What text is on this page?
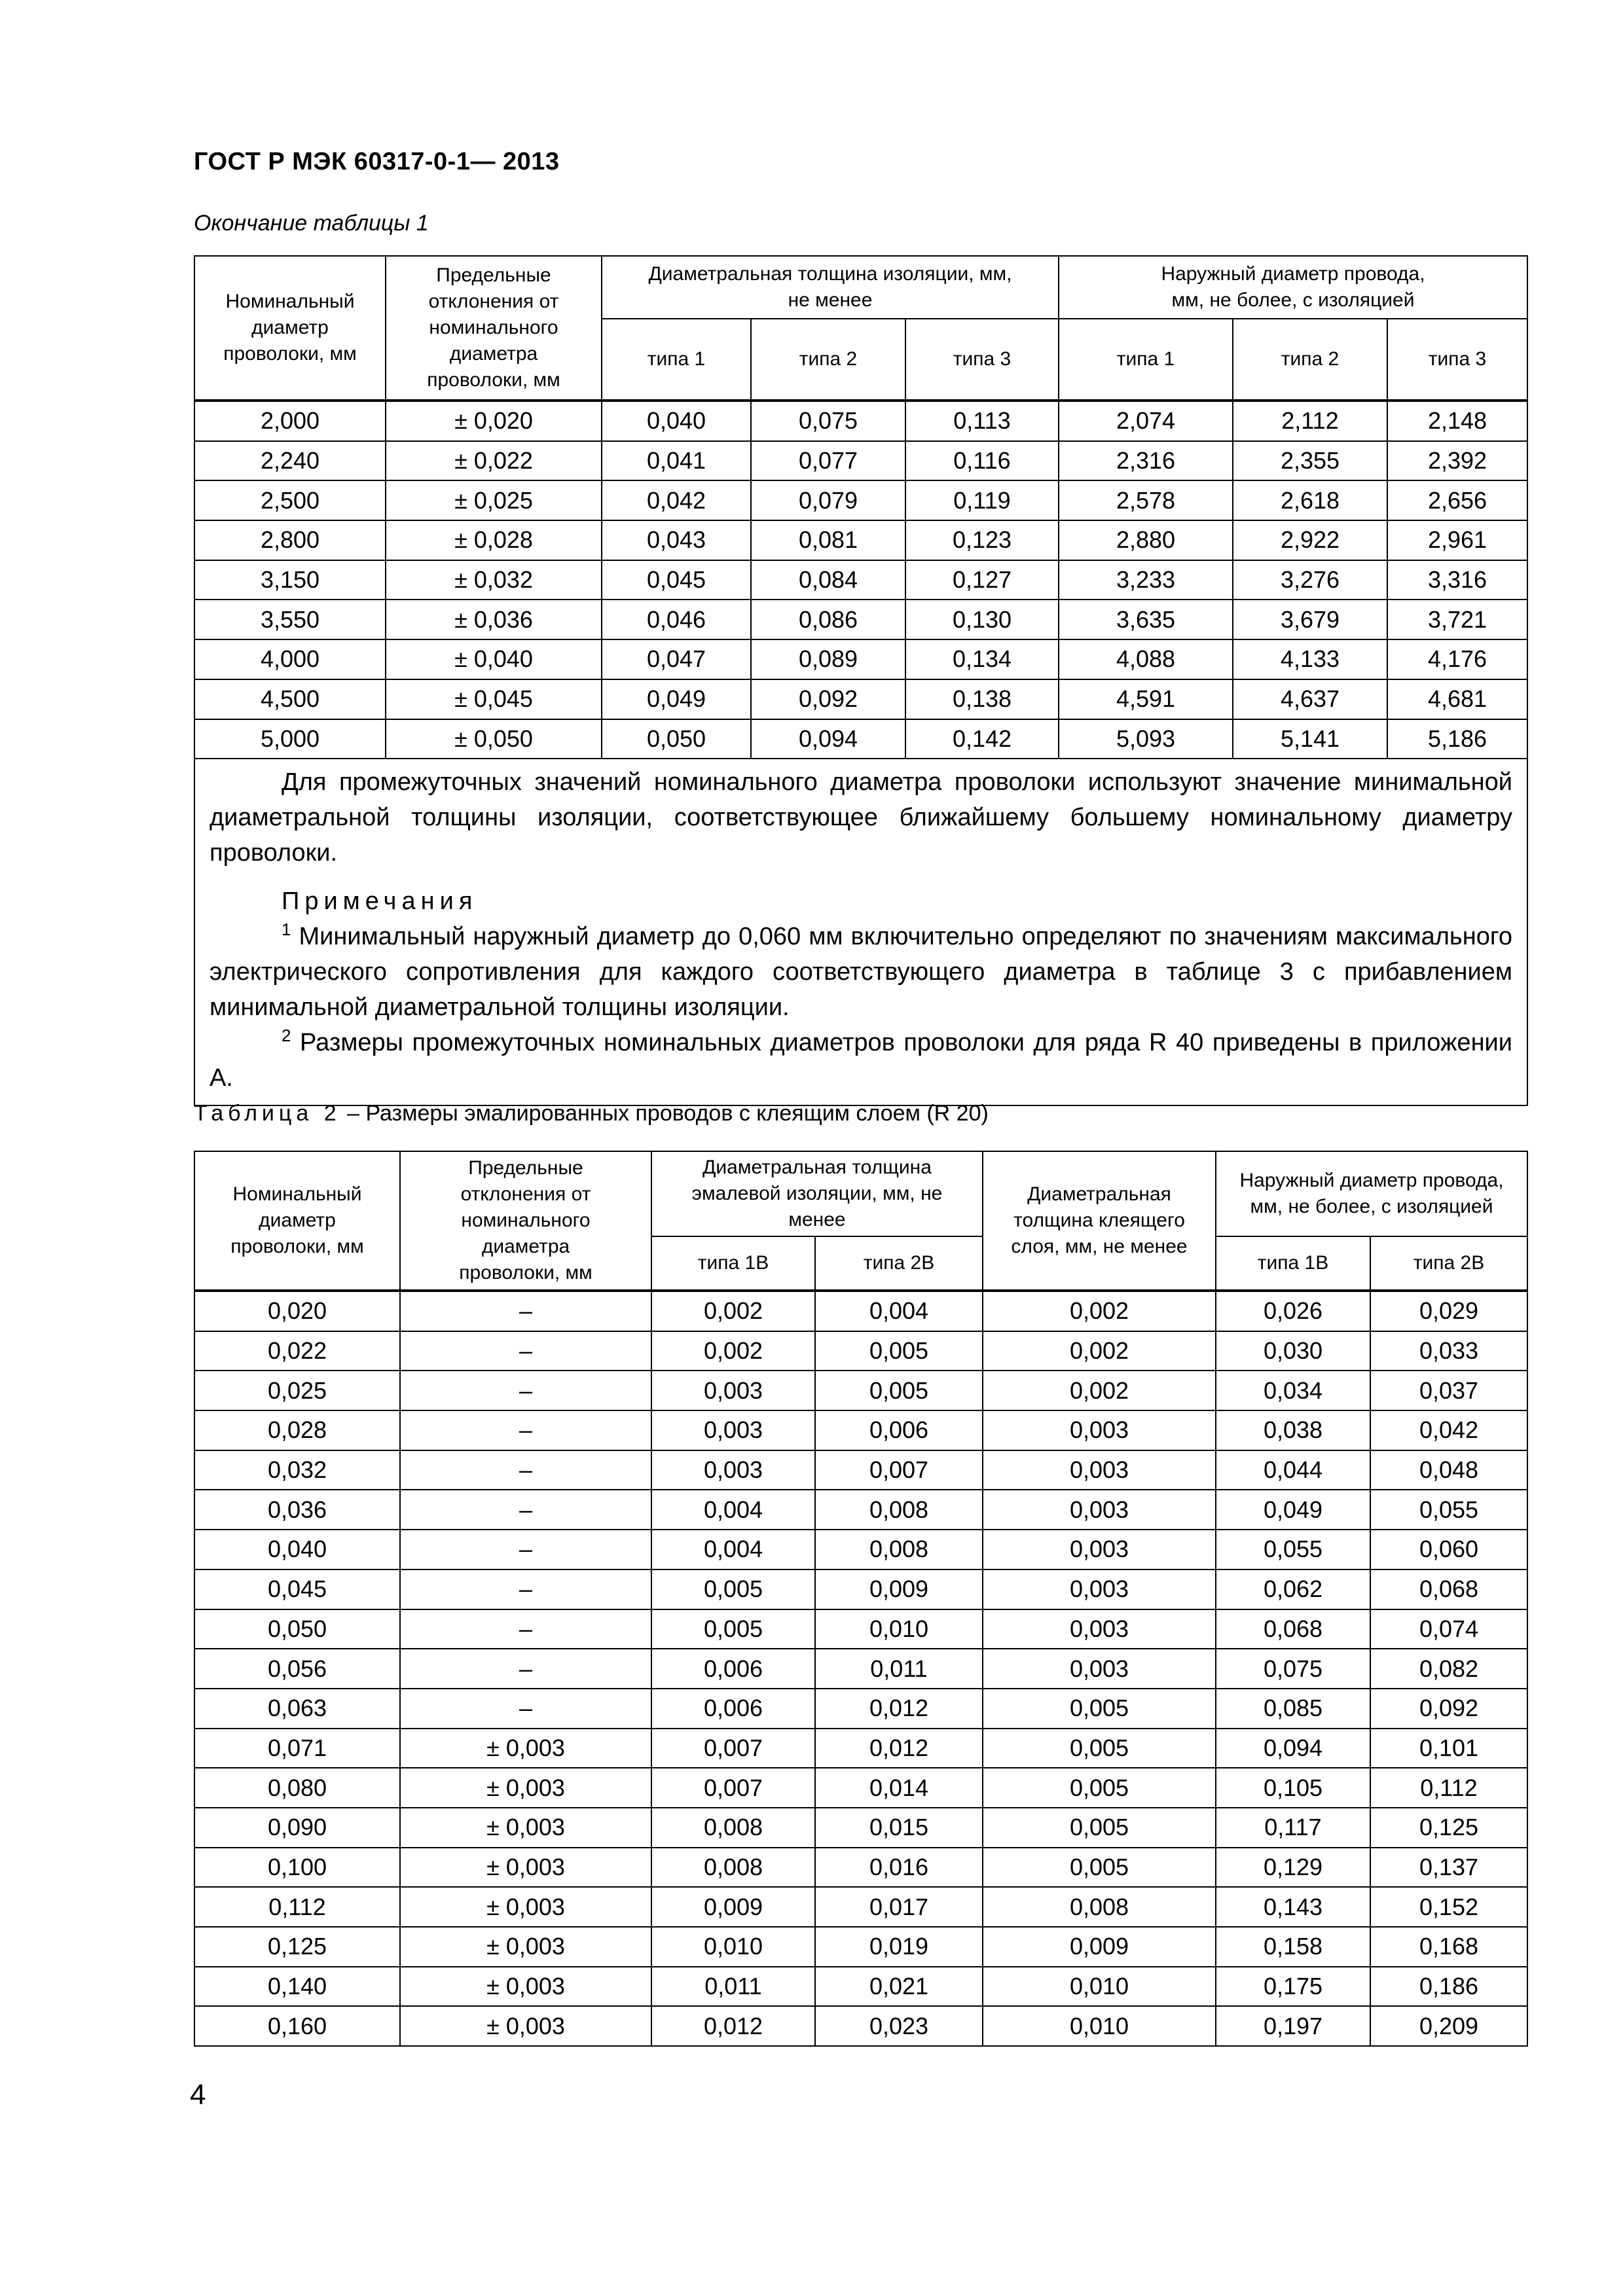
ГОСТ Р МЭК 60317-0-1— 2013
Окончание таблицы 1
Номинальный диаметр проволоки, мм	Предельные отклонения от номинального диаметра проволоки, мм	Диаметральная толщина изоляции, мм, не менее			Наружный диаметр провода, мм, не более, с изоляцией		
		типа 1	типа 2	типа 3	типа 1	типа 2	типа 3
2,000	± 0,020	0,040	0,075	0,113	2,074	2,112	2,148
2,240	± 0,022	0,041	0,077	0,116	2,316	2,355	2,392
2,500	± 0,025	0,042	0,079	0,119	2,578	2,618	2,656
2,800	± 0,028	0,043	0,081	0,123	2,880	2,922	2,961
3,150	± 0,032	0,045	0,084	0,127	3,233	3,276	3,316
3,550	± 0,036	0,046	0,086	0,130	3,635	3,679	3,721
4,000	± 0,040	0,047	0,089	0,134	4,088	4,133	4,176
4,500	± 0,045	0,049	0,092	0,138	4,591	4,637	4,681
5,000	± 0,050	0,050	0,094	0,142	5,093	5,141	5,186

Для промежуточных значений номинального диаметра проволоки используют значение минимальной диаметральной толщины изоляции, соответствующее ближайшему большему номинальному диаметру проволоки.

Примечания

$^1$ Минимальный наружный диаметр до 0,060 мм включительно определяют по значениям максимального электрического сопротивления для каждого соответствующего диаметра в таблице 3 с прибавлением минимальной диаметральной толщины изоляции.

$^2$ Размеры промежуточных номинальных диаметров проволоки для ряда R 40 приведены в приложении А.							

Таблица 2 – Размеры эмалированных проводов с клеящим слоем (R 20)
Номинальный диаметр проволоки, мм	Предельные отклонения от номинального диаметра проволоки, мм	Диаметральная толщина эмалевой изоляции, мм, не менее		Диаметральная толщина клеящего слоя, мм, не менее	Наружный диаметр провода, мм, не более, с изоляцией	
		типа 1В	типа 2В		типа 1В	типа 2В
0,020	–	0,002	0,004	0,002	0,026	0,029
0,022	–	0,002	0,005	0,002	0,030	0,033
0,025	–	0,003	0,005	0,002	0,034	0,037
0,028	–	0,003	0,006	0,003	0,038	0,042
0,032	–	0,003	0,007	0,003	0,044	0,048
0,036	–	0,004	0,008	0,003	0,049	0,055
0,040	–	0,004	0,008	0,003	0,055	0,060
0,045	–	0,005	0,009	0,003	0,062	0,068
0,050	–	0,005	0,010	0,003	0,068	0,074
0,056	–	0,006	0,011	0,003	0,075	0,082
0,063	–	0,006	0,012	0,005	0,085	0,092
0,071	± 0,003	0,007	0,012	0,005	0,094	0,101
0,080	± 0,003	0,007	0,014	0,005	0,105	0,112
0,090	± 0,003	0,008	0,015	0,005	0,117	0,125
0,100	± 0,003	0,008	0,016	0,005	0,129	0,137
0,112	± 0,003	0,009	0,017	0,008	0,143	0,152
0,125	± 0,003	0,010	0,019	0,009	0,158	0,168
0,140	± 0,003	0,011	0,021	0,010	0,175	0,186
0,160	± 0,003	0,012	0,023	0,010	0,197	0,209
4
